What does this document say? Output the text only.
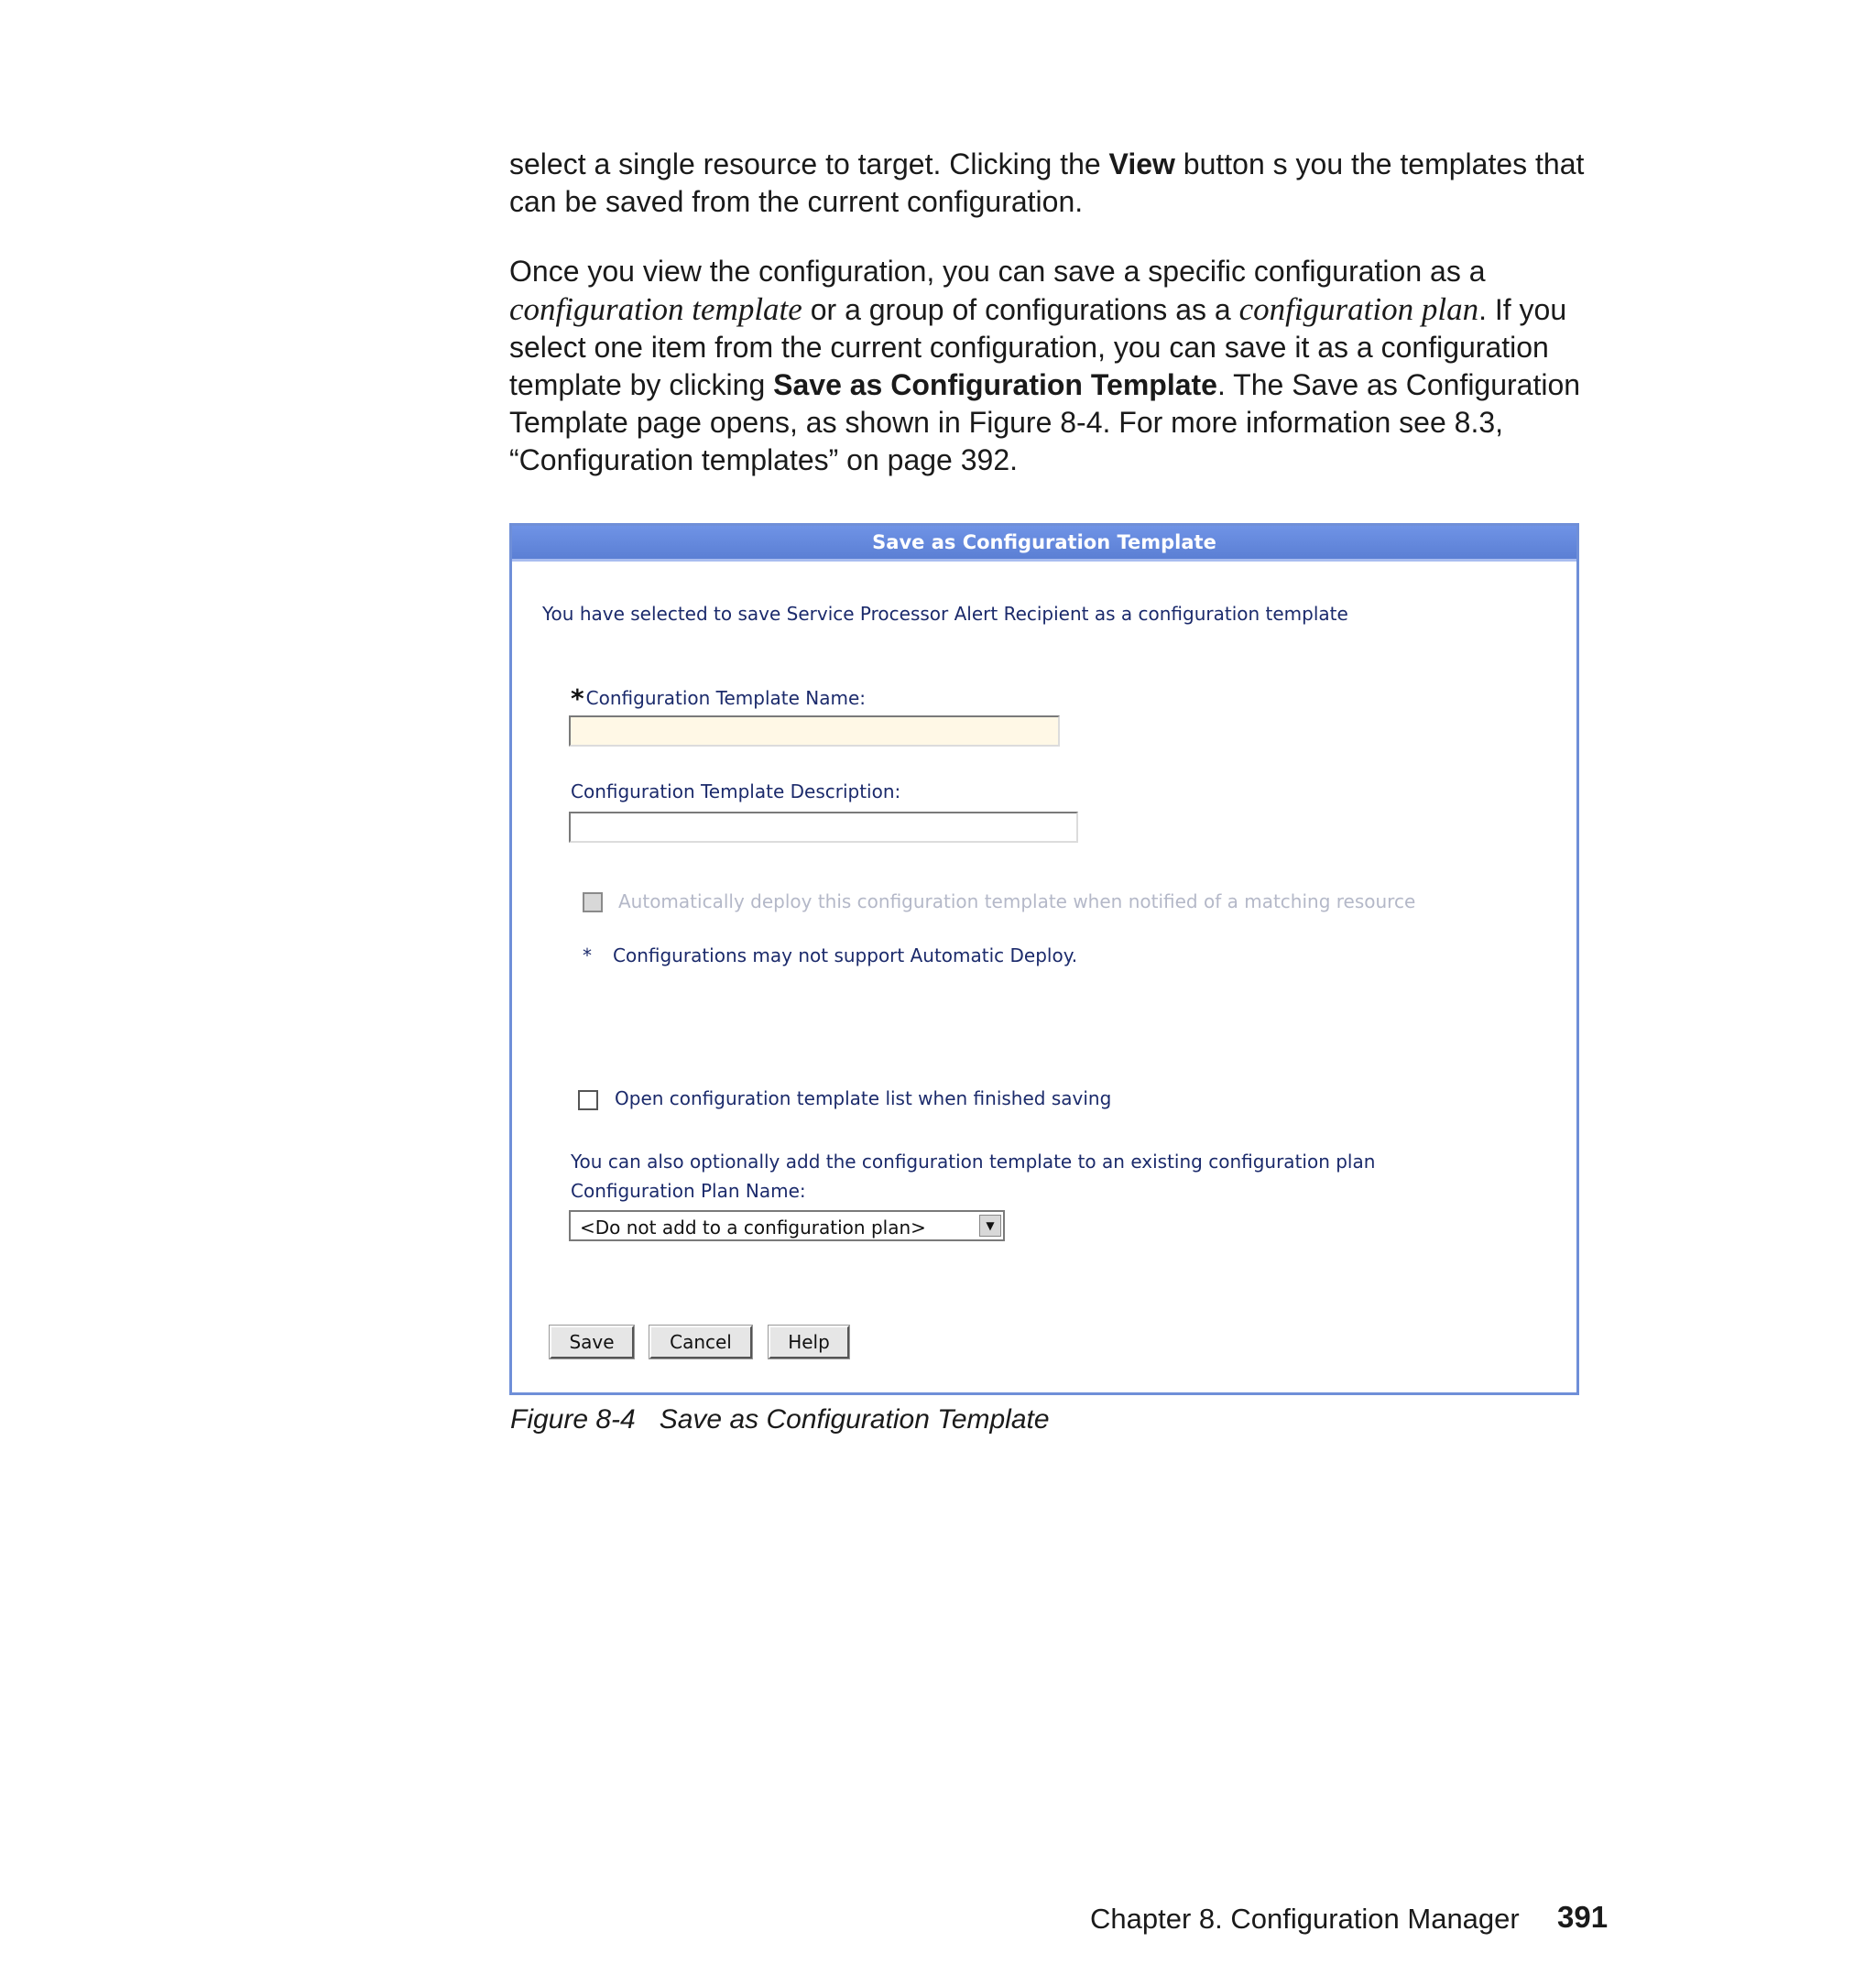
select a single resource to target. Clicking the View button s you the templates that can be saved from the current configuration.

Once you view the configuration, you can save a specific configuration as a configuration template or a group of configurations as a configuration plan. If you select one item from the current configuration, you can save it as a configuration template by clicking Save as Configuration Template. The Save as Configuration Template page opens, as shown in Figure 8-4. For more information see 8.3, “Configuration templates” on page 392.

Save as Configuration Template
You have selected to save Service Processor Alert Recipient as a configuration template
* Configuration Template Name:
Configuration Template Description:
Automatically deploy this configuration template when notified of a matching resource
* Configurations may not support Automatic Deploy.
Open configuration template list when finished saving
You can also optionally add the configuration template to an existing configuration plan
Configuration Plan Name:
<Do not add to a configuration plan>	▼
Save	Cancel	Help
Figure 8-4 Save as Configuration Template
Chapter 8. Configuration Manager 391
